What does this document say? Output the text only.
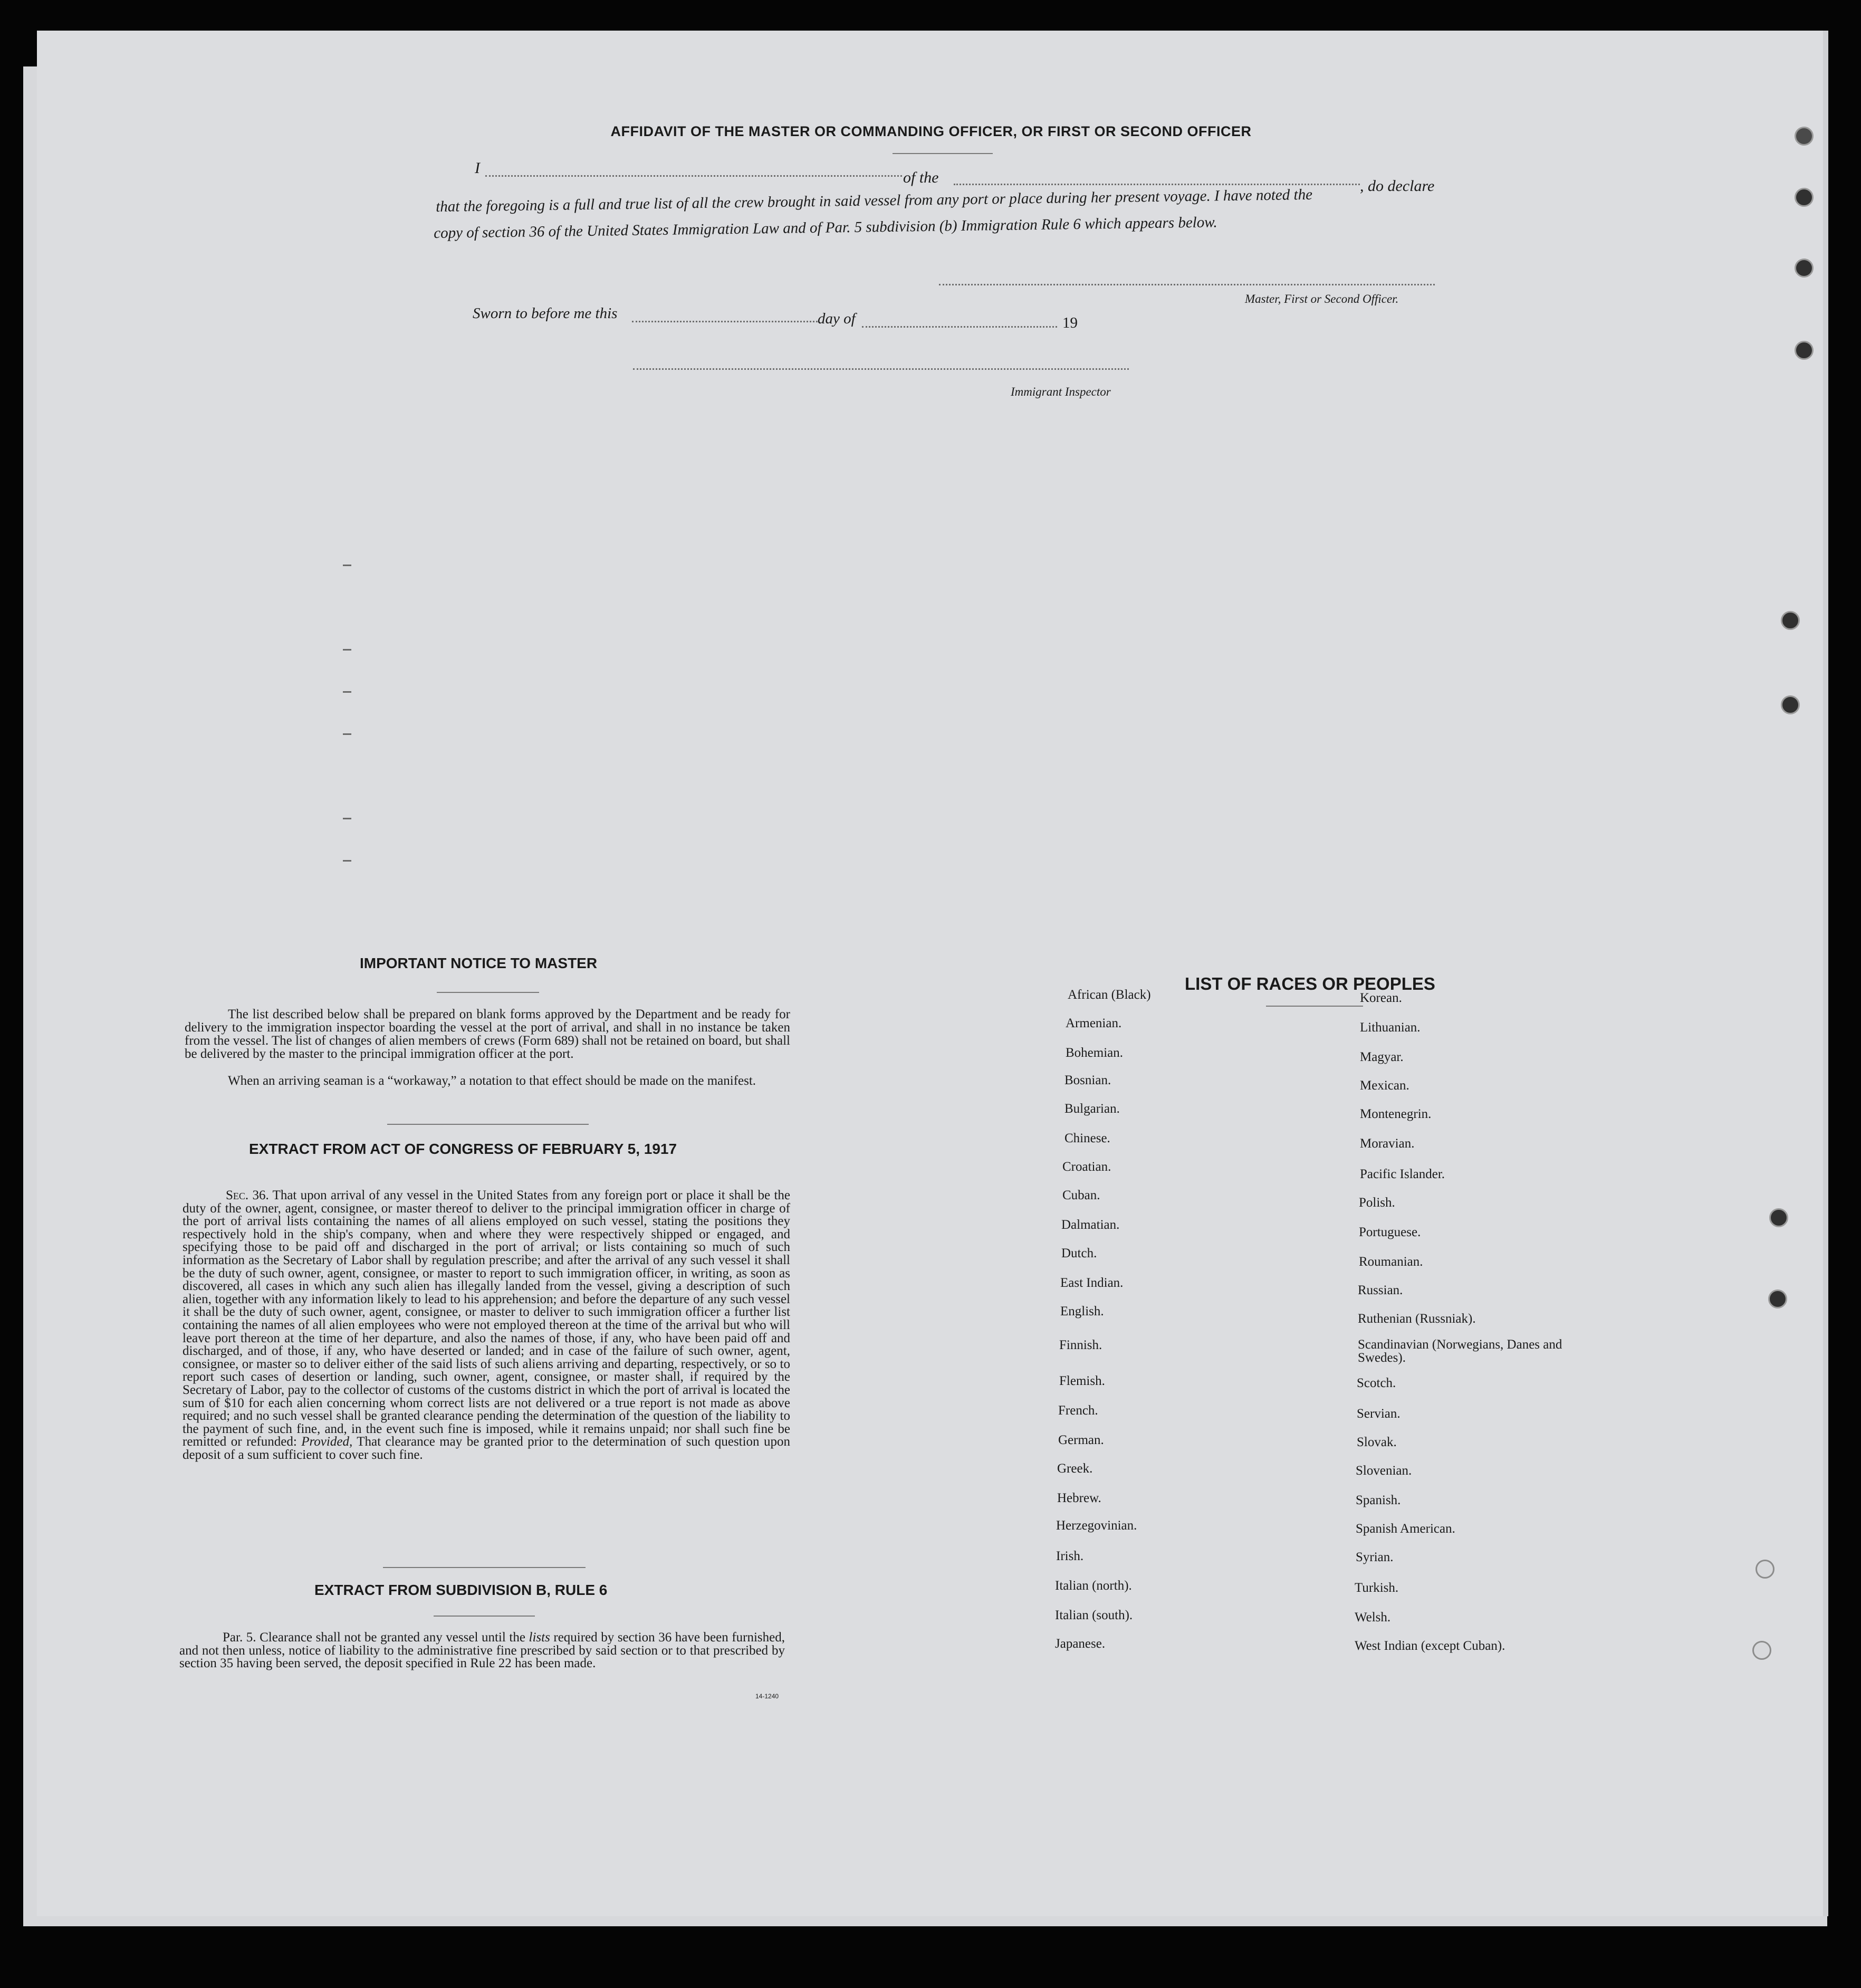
AFFIDAVIT OF THE MASTER OR COMMANDING OFFICER, OR FIRST OR SECOND OFFICER
I
of the	, do declare
that the foregoing is a full and true list of all the crew brought in said vessel from any port or place during her present voyage. I have noted the
copy of section 36 of the United States Immigration Law and of Par. 5 subdivision (b) Immigration Rule 6 which appears below.
Master, First or Second Officer.
Sworn to before me this	day of	19
Immigrant Inspector
IMPORTANT NOTICE TO MASTER
The list described below shall be prepared on blank forms approved by the Department and be ready for delivery to the immigration inspector boarding the vessel at the port of arrival, and shall in no instance be taken from the vessel. The list of changes of alien members of crews (Form 689) shall not be retained on board, but shall be delivered by the master to the principal immigration officer at the port.
When an arriving seaman is a “workaway,” a notation to that effect should be made on the manifest.
EXTRACT FROM ACT OF CONGRESS OF FEBRUARY 5, 1917
Sec. 36. That upon arrival of any vessel in the United States from any foreign port or place it shall be the duty of the owner, agent, consignee, or master thereof to deliver to the principal immigration officer in charge of the port of arrival lists containing the names of all aliens employed on such vessel, stating the positions they respectively hold in the ship's company, when and where they were respectively shipped or engaged, and specifying those to be paid off and discharged in the port of arrival; or lists containing so much of such information as the Secretary of Labor shall by regulation prescribe; and after the arrival of any such vessel it shall be the duty of such owner, agent, consignee, or master to report to such immigration officer, in writing, as soon as discovered, all cases in which any such alien has illegally landed from the vessel, giving a description of such alien, together with any information likely to lead to his apprehension; and before the departure of any such vessel it shall be the duty of such owner, agent, consignee, or master to deliver to such immigration officer a further list containing the names of all alien employees who were not employed thereon at the time of the arrival but who will leave port thereon at the time of her departure, and also the names of those, if any, who have been paid off and discharged, and of those, if any, who have deserted or landed; and in case of the failure of such owner, agent, consignee, or master so to deliver either of the said lists of such aliens arriving and departing, respectively, or so to report such cases of desertion or landing, such owner, agent, consignee, or master shall, if required by the Secretary of Labor, pay to the collector of customs of the customs district in which the port of arrival is located the sum of $10 for each alien concerning whom correct lists are not delivered or a true report is not made as above required; and no such vessel shall be granted clearance pending the determination of the question of the liability to the payment of such fine, and, in the event such fine is imposed, while it remains unpaid; nor shall such fine be remitted or refunded: Provided, That clearance may be granted prior to the determination of such question upon deposit of a sum sufficient to cover such fine.
EXTRACT FROM SUBDIVISION B, RULE 6
Par. 5. Clearance shall not be granted any vessel until the lists required by section 36 have been furnished, and not then unless, notice of liability to the administrative fine prescribed by said section or to that prescribed by section 35 having been served, the deposit specified in Rule 22 has been made.
14-1240
LIST OF RACES OR PEOPLES
African (Black)
Armenian.
Bohemian.
Bosnian.
Bulgarian.
Chinese.
Croatian.
Cuban.
Dalmatian.
Dutch.
East Indian.
English.
Finnish.
Flemish.
French.
German.
Greek.
Hebrew.
Herzegovinian.
Irish.
Italian (north).
Italian (south).
Japanese.
Korean.
Lithuanian.
Magyar.
Mexican.
Montenegrin.
Moravian.
Pacific Islander.
Polish.
Portuguese.
Roumanian.
Russian.
Ruthenian (Russniak).
Scandinavian (Norwegians, Danes and Swedes).
Scotch.
Servian.
Slovak.
Slovenian.
Spanish.
Spanish American.
Syrian.
Turkish.
Welsh.
West Indian (except Cuban).
